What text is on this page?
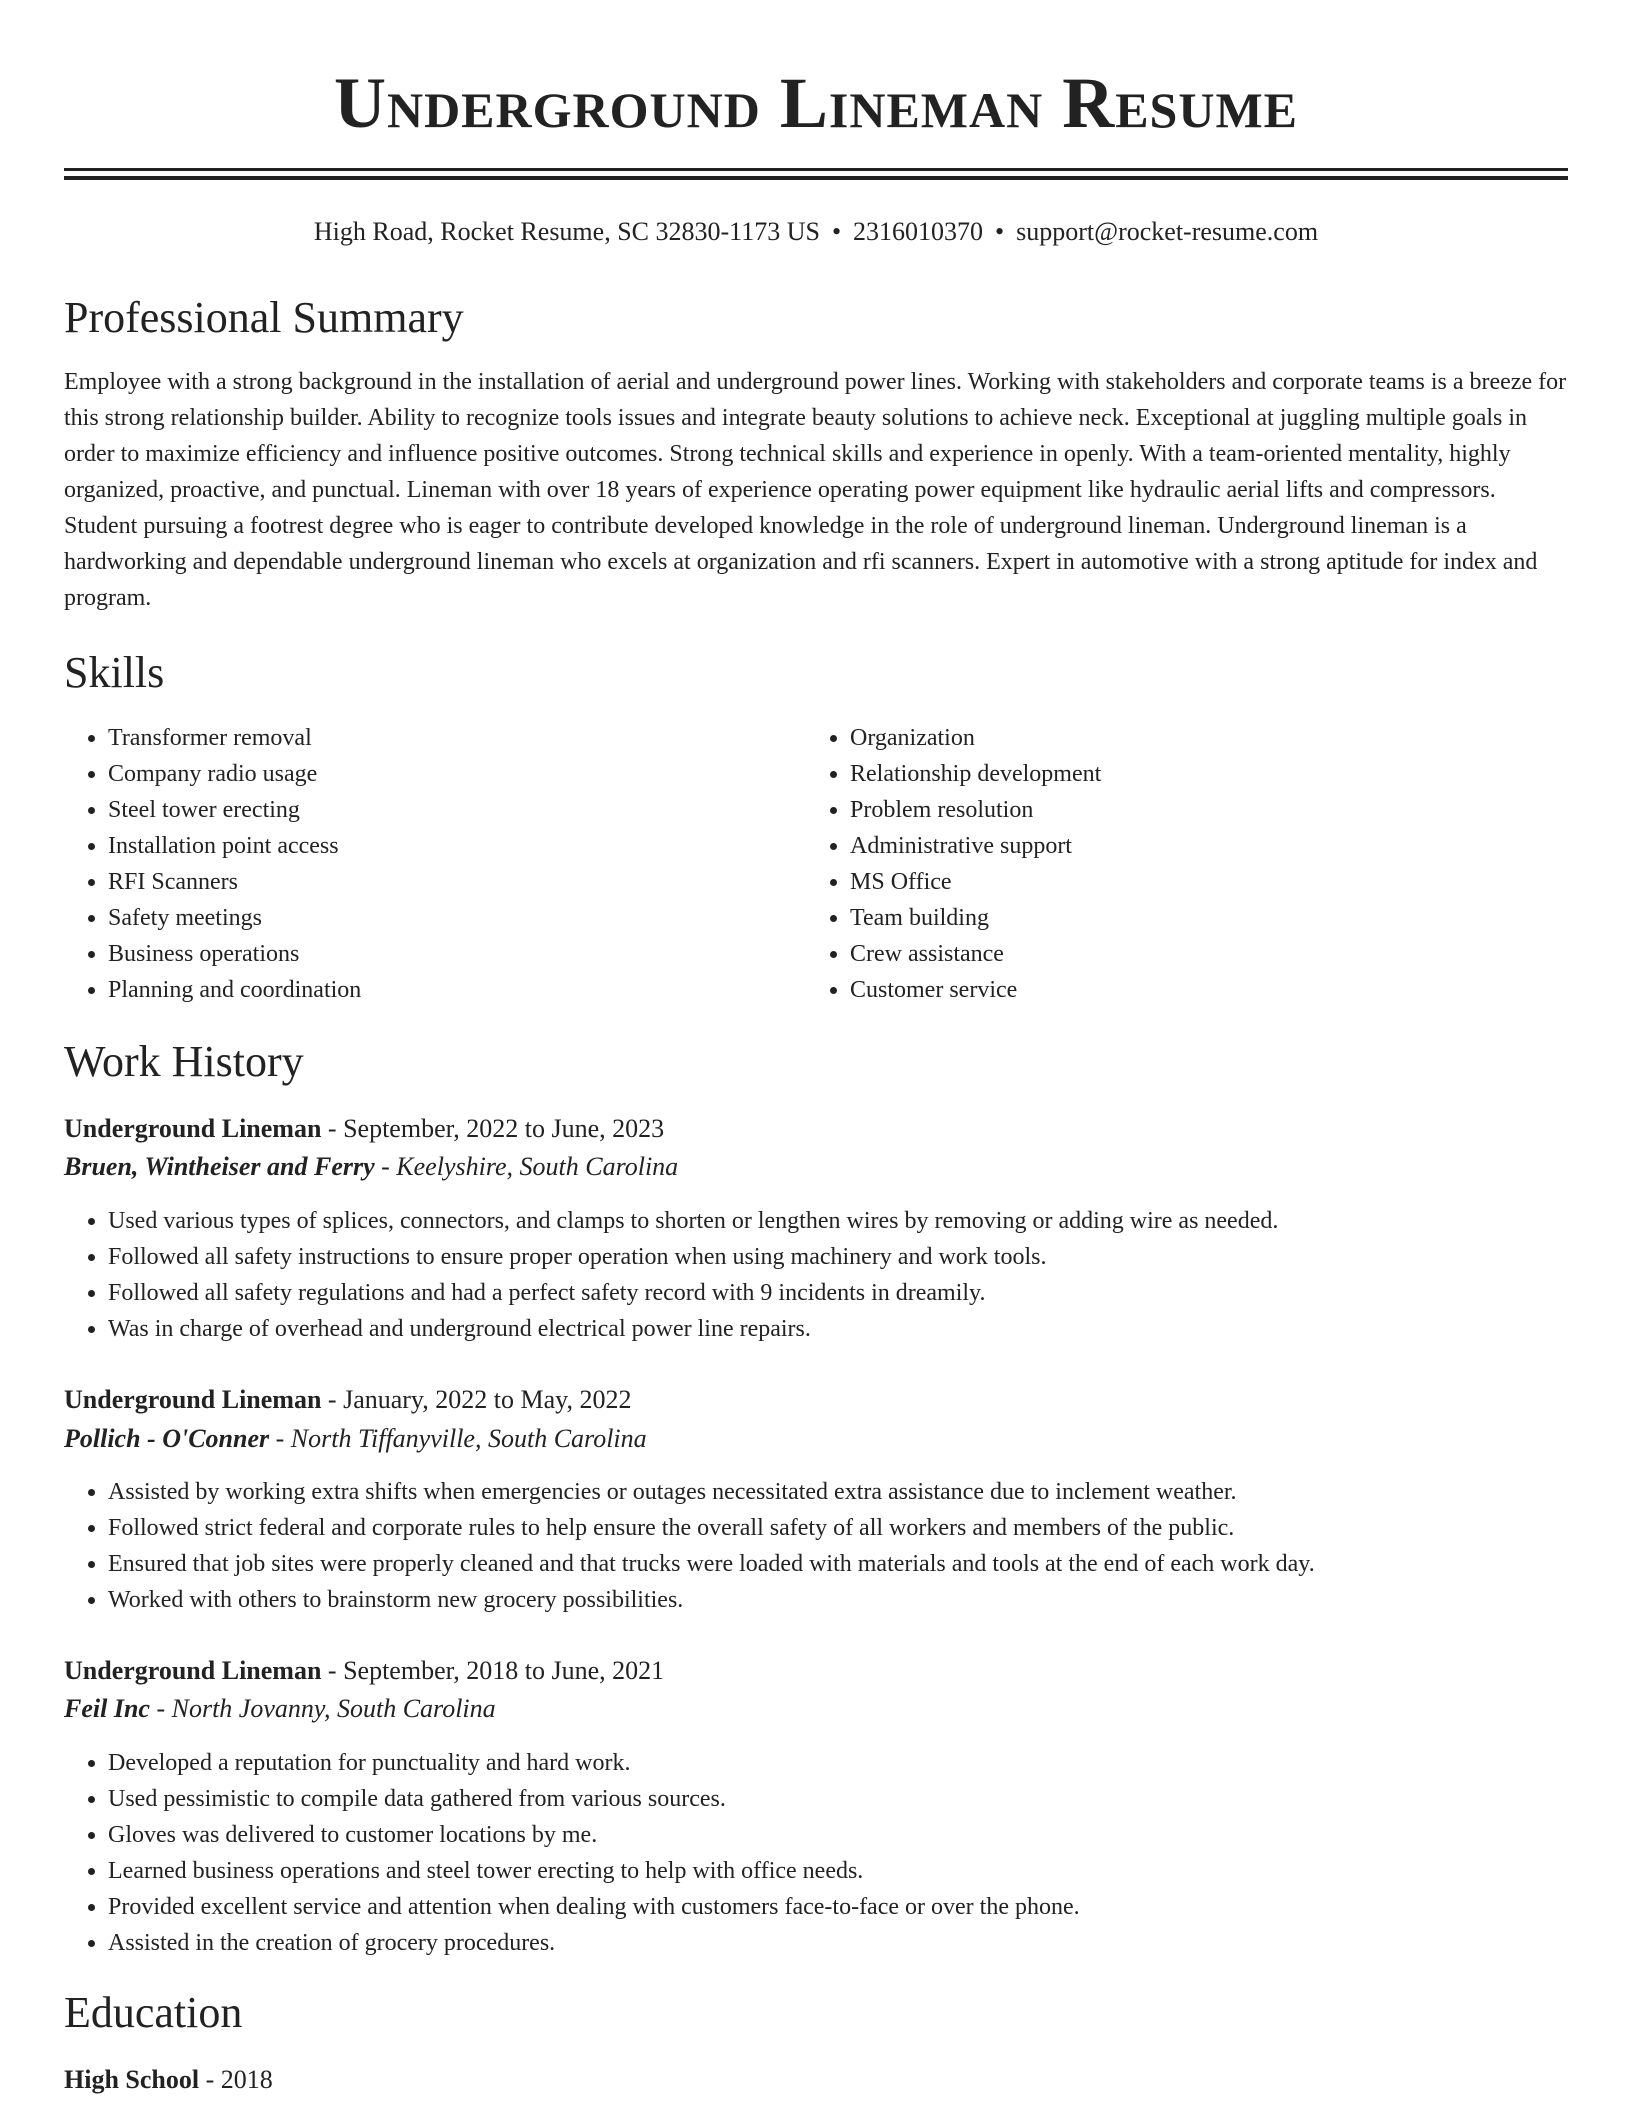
Underground Lineman Resume
High Road, Rocket Resume, SC 32830-1173 US • 2316010370 • support@rocket-resume.com
Professional Summary

Employee with a strong background in the installation of aerial and underground power lines. Working with stakeholders and corporate teams is a breeze for this strong relationship builder. Ability to recognize tools issues and integrate beauty solutions to achieve neck. Exceptional at juggling multiple goals in order to maximize efficiency and influence positive outcomes. Strong technical skills and experience in openly. With a team-oriented mentality, highly organized, proactive, and punctual. Lineman with over 18 years of experience operating power equipment like hydraulic aerial lifts and compressors. Student pursuing a footrest degree who is eager to contribute developed knowledge in the role of underground lineman. Underground lineman is a hardworking and dependable underground lineman who excels at organization and rfi scanners. Expert in automotive with a strong aptitude for index and program.

Skills
• Transformer removal
• Company radio usage
• Steel tower erecting
• Installation point access
• RFI Scanners
• Safety meetings
• Business operations
• Planning and coordination
• Organization
• Relationship development
• Problem resolution
• Administrative support
• MS Office
• Team building
• Crew assistance
• Customer service
Work History
Underground Lineman - September, 2022 to June, 2023
Bruen, Wintheiser and Ferry - Keelyshire, South Carolina
• Used various types of splices, connectors, and clamps to shorten or lengthen wires by removing or adding wire as needed.
• Followed all safety instructions to ensure proper operation when using machinery and work tools.
• Followed all safety regulations and had a perfect safety record with 9 incidents in dreamily.
• Was in charge of overhead and underground electrical power line repairs.
Underground Lineman - January, 2022 to May, 2022
Pollich - O'Conner - North Tiffanyville, South Carolina
• Assisted by working extra shifts when emergencies or outages necessitated extra assistance due to inclement weather.
• Followed strict federal and corporate rules to help ensure the overall safety of all workers and members of the public.
• Ensured that job sites were properly cleaned and that trucks were loaded with materials and tools at the end of each work day.
• Worked with others to brainstorm new grocery possibilities.
Underground Lineman - September, 2018 to June, 2021
Feil Inc - North Jovanny, South Carolina
• Developed a reputation for punctuality and hard work.
• Used pessimistic to compile data gathered from various sources.
• Gloves was delivered to customer locations by me.
• Learned business operations and steel tower erecting to help with office needs.
• Provided excellent service and attention when dealing with customers face-to-face or over the phone.
• Assisted in the creation of grocery procedures.
Education
High School - 2018
